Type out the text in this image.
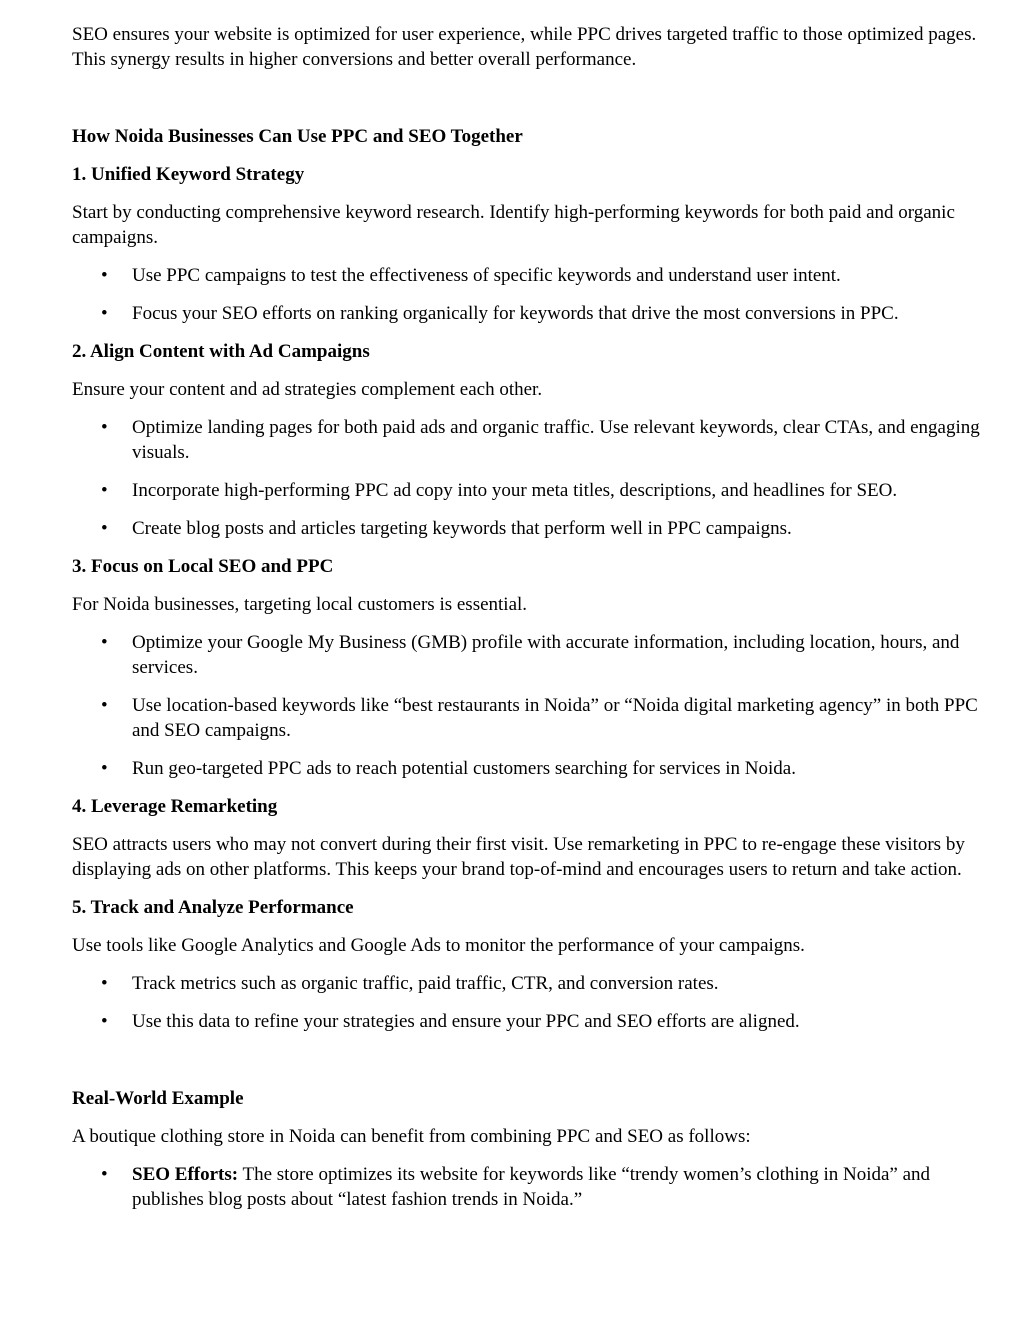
SEO ensures your website is optimized for user experience, while PPC drives targeted traffic to those optimized pages. This synergy results in higher conversions and better overall performance.

How Noida Businesses Can Use PPC and SEO Together

1. Unified Keyword Strategy

Start by conducting comprehensive keyword research. Identify high-performing keywords for both paid and organic campaigns.

• Use PPC campaigns to test the effectiveness of specific keywords and understand user intent.
• Focus your SEO efforts on ranking organically for keywords that drive the most conversions in PPC.

2. Align Content with Ad Campaigns

Ensure your content and ad strategies complement each other.

• Optimize landing pages for both paid ads and organic traffic. Use relevant keywords, clear CTAs, and engaging visuals.
• Incorporate high-performing PPC ad copy into your meta titles, descriptions, and headlines for SEO.
• Create blog posts and articles targeting keywords that perform well in PPC campaigns.

3. Focus on Local SEO and PPC

For Noida businesses, targeting local customers is essential.

• Optimize your Google My Business (GMB) profile with accurate information, including location, hours, and services.
• Use location-based keywords like “best restaurants in Noida” or “Noida digital marketing agency” in both PPC and SEO campaigns.
• Run geo-targeted PPC ads to reach potential customers searching for services in Noida.

4. Leverage Remarketing

SEO attracts users who may not convert during their first visit. Use remarketing in PPC to re-engage these visitors by displaying ads on other platforms. This keeps your brand top-of-mind and encourages users to return and take action.

5. Track and Analyze Performance

Use tools like Google Analytics and Google Ads to monitor the performance of your campaigns.

• Track metrics such as organic traffic, paid traffic, CTR, and conversion rates.
• Use this data to refine your strategies and ensure your PPC and SEO efforts are aligned.

Real-World Example

A boutique clothing store in Noida can benefit from combining PPC and SEO as follows:

• SEO Efforts: The store optimizes its website for keywords like “trendy women’s clothing in Noida” and publishes blog posts about “latest fashion trends in Noida.”
